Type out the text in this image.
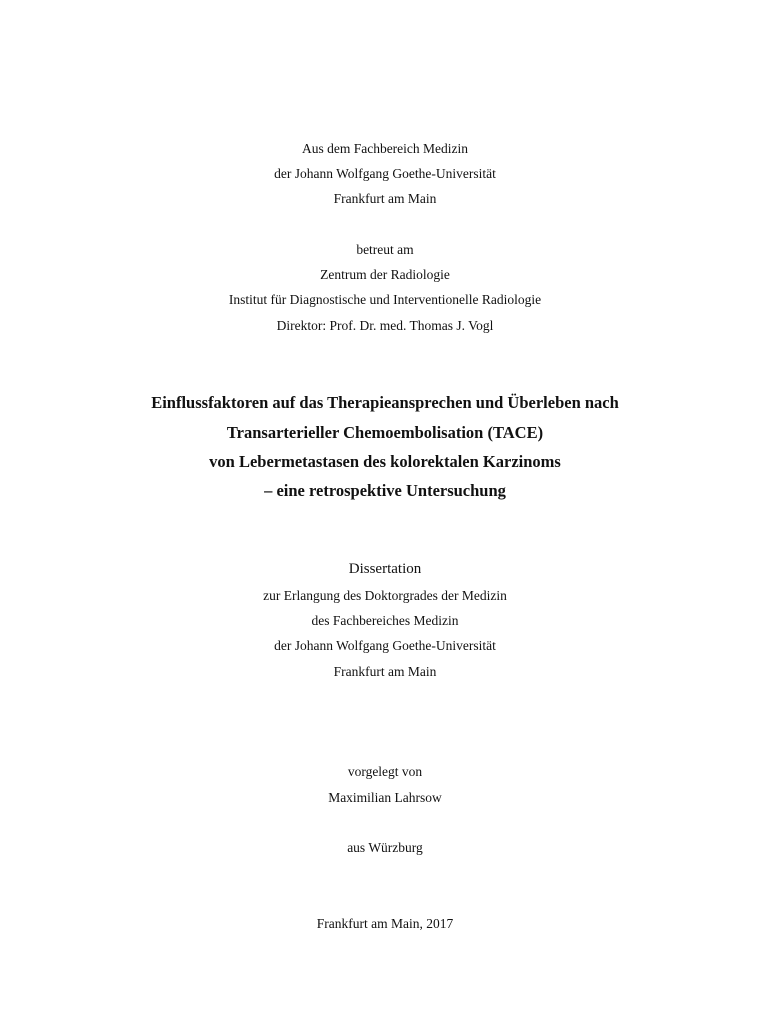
Aus dem Fachbereich Medizin
der Johann Wolfgang Goethe-Universität
Frankfurt am Main
betreut am
Zentrum der Radiologie
Institut für Diagnostische und Interventionelle Radiologie
Direktor: Prof. Dr. med. Thomas J. Vogl
Einflussfaktoren auf das Therapieansprechen und Überleben nach
Transarterieller Chemoembolisation (TACE)
von Lebermetastasen des kolorektalen Karzinoms
– eine retrospektive Untersuchung
Dissertation
zur Erlangung des Doktorgrades der Medizin
des Fachbereiches Medizin
der Johann Wolfgang Goethe-Universität
Frankfurt am Main
vorgelegt von
Maximilian Lahrsow
aus Würzburg
Frankfurt am Main, 2017
